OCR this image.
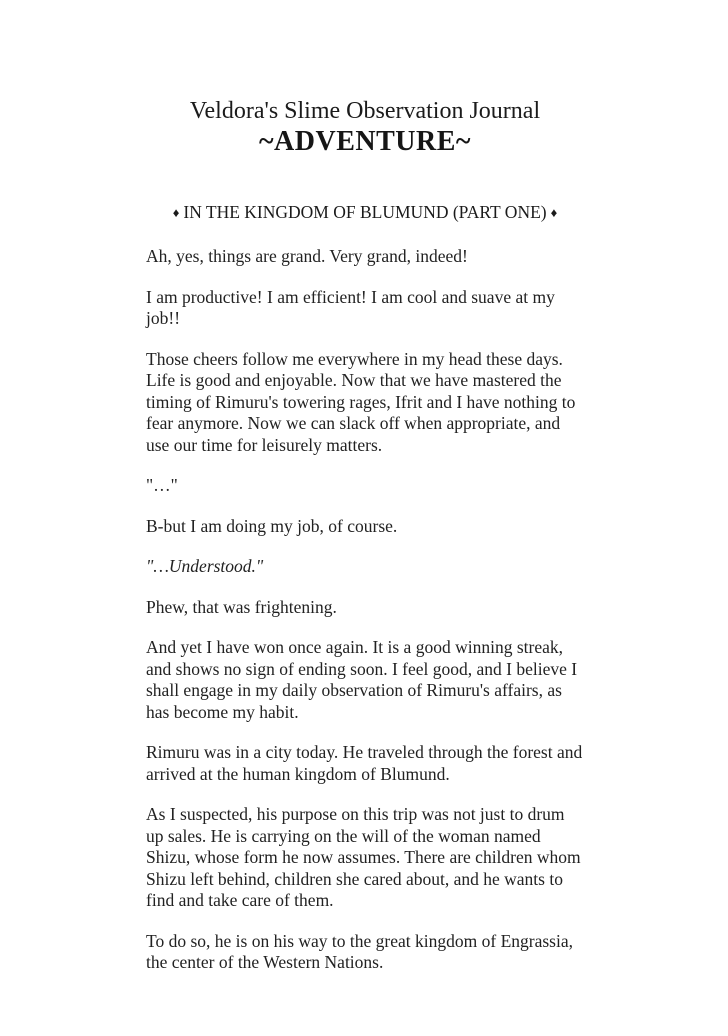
Veldora's Slime Observation Journal
~ADVENTURE~
♦ IN THE KINGDOM OF BLUMUND (PART ONE) ♦

Ah, yes, things are grand. Very grand, indeed!

I am productive! I am efficient! I am cool and suave at my job!!

Those cheers follow me everywhere in my head these days. Life is good and enjoyable. Now that we have mastered the timing of Rimuru's towering rages, Ifrit and I have nothing to fear anymore. Now we can slack off when appropriate, and use our time for leisurely matters.

"…"

B-but I am doing my job, of course.

"…Understood."

Phew, that was frightening.

And yet I have won once again. It is a good winning streak, and shows no sign of ending soon. I feel good, and I believe I shall engage in my daily observation of Rimuru's affairs, as has become my habit.

Rimuru was in a city today. He traveled through the forest and arrived at the human kingdom of Blumund.

As I suspected, his purpose on this trip was not just to drum up sales. He is carrying on the will of the woman named Shizu, whose form he now assumes. There are children whom Shizu left behind, children she cared about, and he wants to find and take care of them.

To do so, he is on his way to the great kingdom of Engrassia, the center of the Western Nations.
